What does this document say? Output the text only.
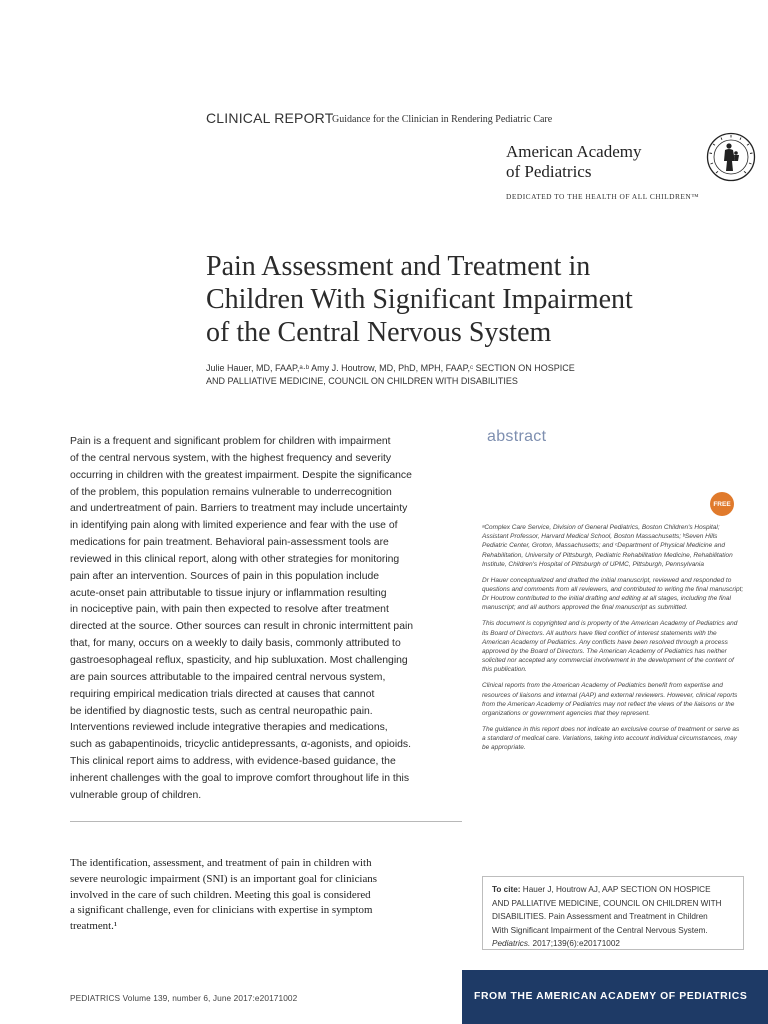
CLINICAL REPORT
Guidance for the Clinician in Rendering Pediatric Care
American Academy
of Pediatrics
DEDICATED TO THE HEALTH OF ALL CHILDREN™
Pain Assessment and Treatment in
Children With Significant Impairment
of the Central Nervous System
Julie Hauer, MD, FAAP,ᵃ·ᵇ Amy J. Houtrow, MD, PhD, MPH, FAAP,ᶜ SECTION ON HOSPICE
AND PALLIATIVE MEDICINE, COUNCIL ON CHILDREN WITH DISABILITIES
Pain is a frequent and significant problem for children with impairment
of the central nervous system, with the highest frequency and severity
occurring in children with the greatest impairment. Despite the significance
of the problem, this population remains vulnerable to underrecognition
and undertreatment of pain. Barriers to treatment may include uncertainty
in identifying pain along with limited experience and fear with the use of
medications for pain treatment. Behavioral pain-assessment tools are
reviewed in this clinical report, along with other strategies for monitoring
pain after an intervention. Sources of pain in this population include
acute-onset pain attributable to tissue injury or inflammation resulting
in nociceptive pain, with pain then expected to resolve after treatment
directed at the source. Other sources can result in chronic intermittent pain
that, for many, occurs on a weekly to daily basis, commonly attributed to
gastroesophageal reflux, spasticity, and hip subluxation. Most challenging
are pain sources attributable to the impaired central nervous system,
requiring empirical medication trials directed at causes that cannot
be identified by diagnostic tests, such as central neuropathic pain.
Interventions reviewed include integrative therapies and medications,
such as gabapentinoids, tricyclic antidepressants, α-agonists, and opioids.
This clinical report aims to address, with evidence-based guidance, the
inherent challenges with the goal to improve comfort throughout life in this
vulnerable group of children.
abstract
FREE

ᵃComplex Care Service, Division of General Pediatrics, Boston Children's Hospital; Assistant Professor, Harvard Medical School, Boston Massachusetts; ᵇSeven Hills Pediatric Center, Groton, Massachusetts; and ᶜDepartment of Physical Medicine and Rehabilitation, University of Pittsburgh, Pediatric Rehabilitation Medicine, Rehabilitation Institute, Children's Hospital of Pittsburgh of UPMC, Pittsburgh, Pennsylvania

Dr Hauer conceptualized and drafted the initial manuscript, reviewed and responded to questions and comments from all reviewers, and contributed to writing the final manuscript; Dr Houtrow contributed to the initial drafting and editing at all stages, including the final manuscript; and all authors approved the final manuscript as submitted.

This document is copyrighted and is property of the American Academy of Pediatrics and its Board of Directors. All authors have filed conflict of interest statements with the American Academy of Pediatrics. Any conflicts have been resolved through a process approved by the Board of Directors. The American Academy of Pediatrics has neither solicited nor accepted any commercial involvement in the development of the content of this publication.

Clinical reports from the American Academy of Pediatrics benefit from expertise and resources of liaisons and internal (AAP) and external reviewers. However, clinical reports from the American Academy of Pediatrics may not reflect the views of the liaisons or the organizations or government agencies that they represent.

The guidance in this report does not indicate an exclusive course of treatment or serve as a standard of medical care. Variations, taking into account individual circumstances, may be appropriate.

The identification, assessment, and treatment of pain in children with
severe neurologic impairment (SNI) is an important goal for clinicians
involved in the care of such children. Meeting this goal is considered
a significant challenge, even for clinicians with expertise in symptom
treatment.¹
To cite: Hauer J, Houtrow AJ, AAP SECTION ON HOSPICE
AND PALLIATIVE MEDICINE, COUNCIL ON CHILDREN WITH
DISABILITIES. Pain Assessment and Treatment in Children
With Significant Impairment of the Central Nervous System.
Pediatrics. 2017;139(6):e20171002
PEDIATRICS Volume 139, number 6, June 2017:e20171002	FROM THE AMERICAN ACADEMY OF PEDIATRICS
